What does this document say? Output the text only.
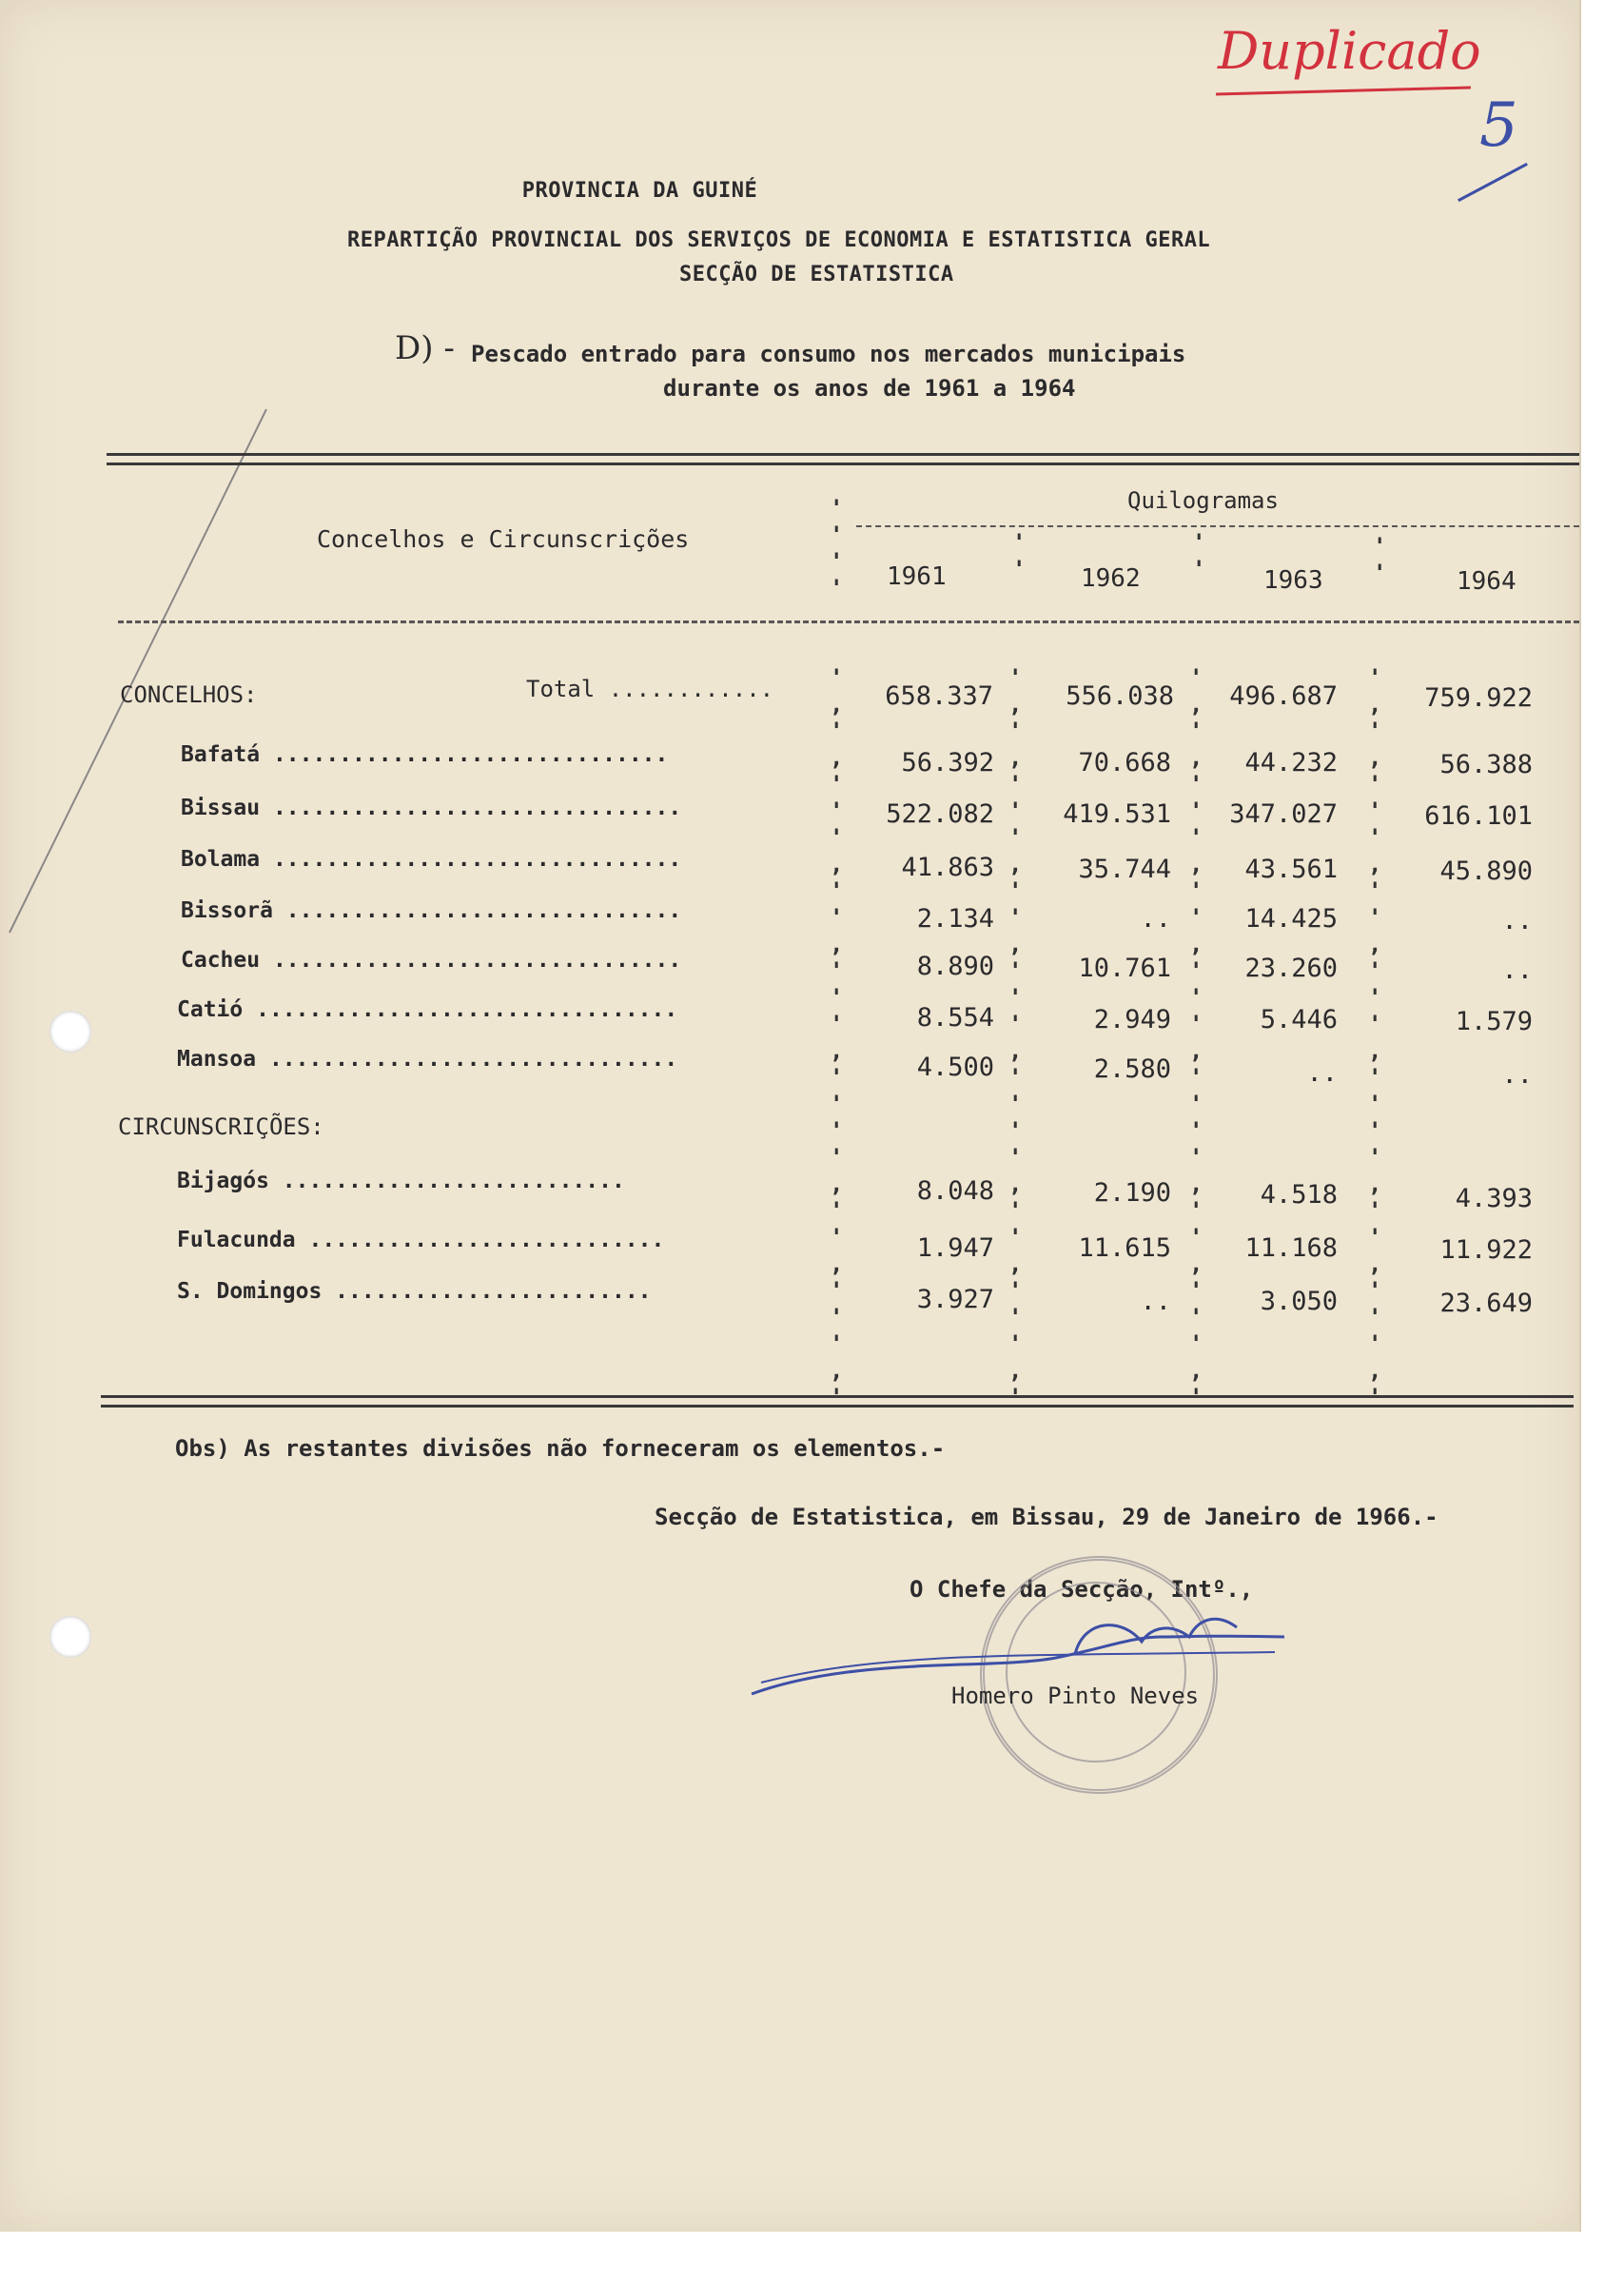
Duplicado
5
PROVINCIA DA GUINÉ
REPARTIÇÃO PROVINCIAL DOS SERVIÇOS DE ECONOMIA E ESTATISTICA GERAL
SECÇÃO DE ESTATISTICA
D) - Pescado entrado para consumo nos mercados municipais
durante os anos de 1961 a 1964
Concelhos e Circunscrições
Quilogramas
1961	1962	1963	1964
'
'
'
'
'
'
'
'
'
'
CONCELHOS:	Total ............	658.337	556.038	496.687	759.922
Bafatá ..............................	56.392	70.668	44.232	56.388
Bissau ...............................	522.082	419.531	347.027	616.101
Bolama ...............................	41.863	35.744	43.561	45.890
Bissorã ..............................	2.134	..	14.425	..
Cacheu ...............................	8.890	10.761	23.260	..
Catió ................................	8.554	2.949	5.446	1.579
Mansoa ...............................	4.500	2.580	..	..
CIRCUNSCRIÇÕES:
Bijagós ..........................	8.048	2.190	4.518	4.393
Fulacunda ...........................	1.947	11.615	11.168	11.922
S. Domingos ........................	3.927	..	3.050	23.649
'
,
'
,
'
'
'
,
'
'
,
'
'
'
,
'
'
'
'
,
'
'
,
'
'
'
,

'
,
'
,
'
'
'
,
'
'
,
'
'
'
,
'
'
'
'
,
'
'
,
'
'
'
,

'
,
'
,
'
'
'
,
'
'
,
'
'
'
,
'
'
'
'
,
'
'
,
'
'
'
,

'
,
'
,
'
'
'
,
'
'
,
'
'
'
,
'
'
'
'
,
'
'
,
'
'
'
,

Obs) As restantes divisões não forneceram os elementos.-
Secção de Estatistica, em Bissau, 29 de Janeiro de 1966.-
O Chefe da Secção, Intº.,
Homero Pinto Neves
